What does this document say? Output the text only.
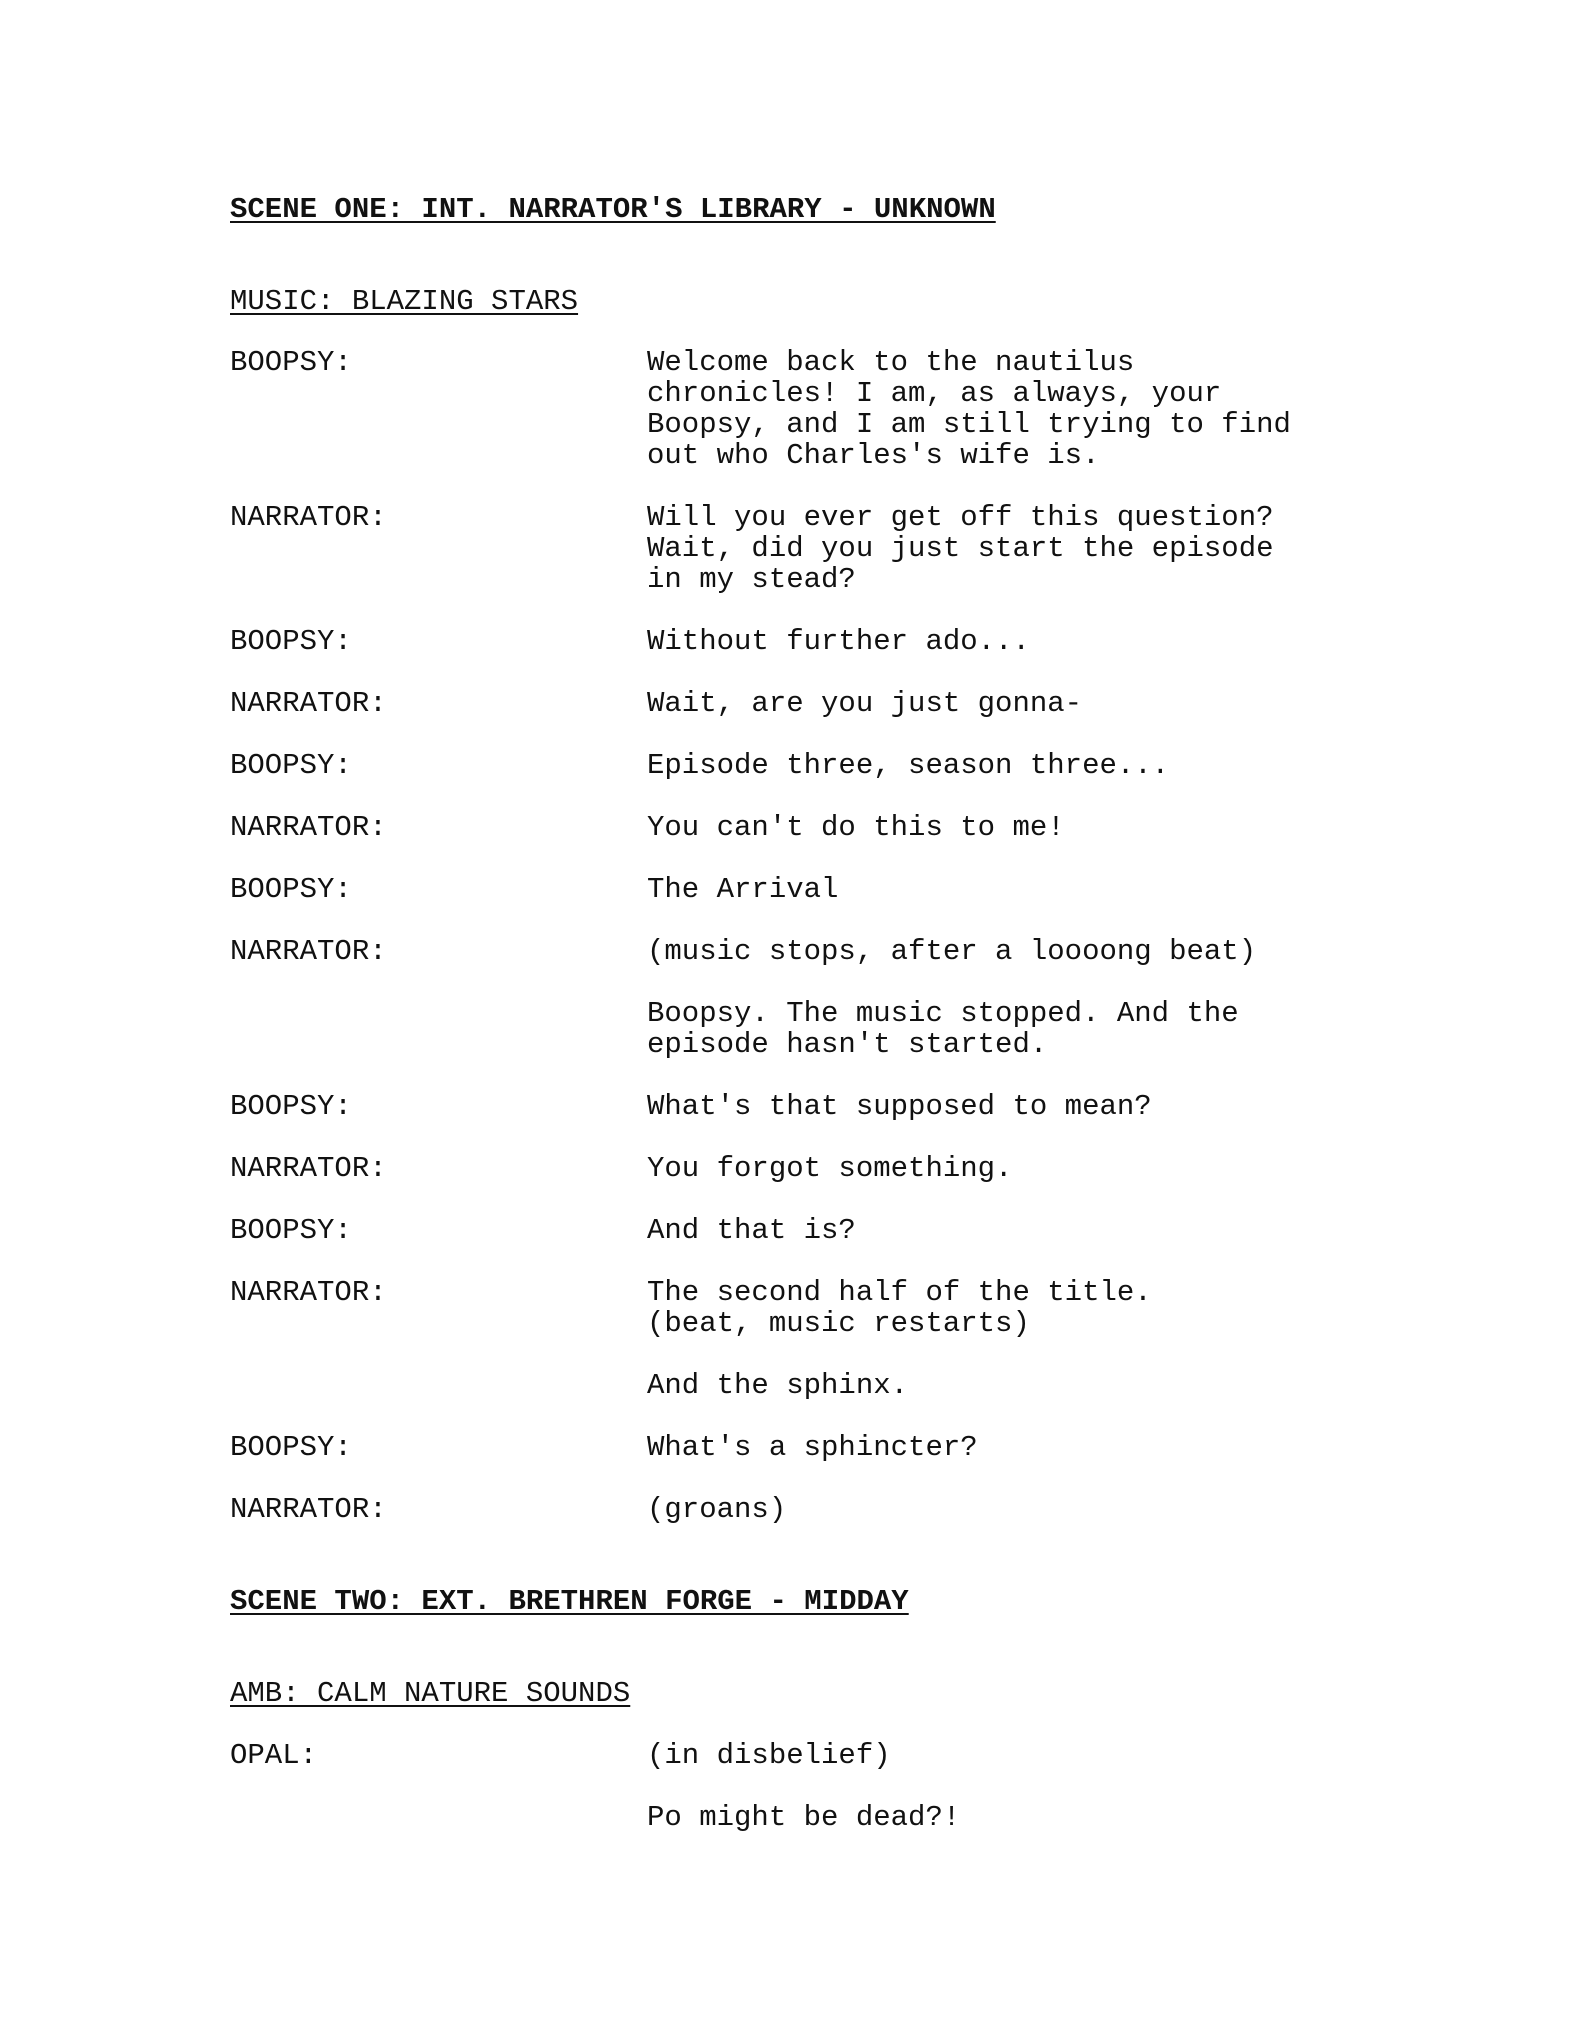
SCENE ONE: INT. NARRATOR'S LIBRARY - UNKNOWN
MUSIC: BLAZING STARS
BOOPSY:	Welcome back to the nautilus
chronicles! I am, as always, your
Boopsy, and I am still trying to find
out who Charles's wife is.
NARRATOR:	Will you ever get off this question?
Wait, did you just start the episode
in my stead?
BOOPSY:	Without further ado...
NARRATOR:	Wait, are you just gonna-
BOOPSY:	Episode three, season three...
NARRATOR:	You can't do this to me!
BOOPSY:	The Arrival
NARRATOR:	(music stops, after a loooong beat)
Boopsy. The music stopped. And the
episode hasn't started.
BOOPSY:	What's that supposed to mean?
NARRATOR:	You forgot something.
BOOPSY:	And that is?
NARRATOR:	The second half of the title.
(beat, music restarts)
And the sphinx.
BOOPSY:	What's a sphincter?
NARRATOR:	(groans)
SCENE TWO: EXT. BRETHREN FORGE - MIDDAY
AMB: CALM NATURE SOUNDS
OPAL:	(in disbelief)
Po might be dead?!
